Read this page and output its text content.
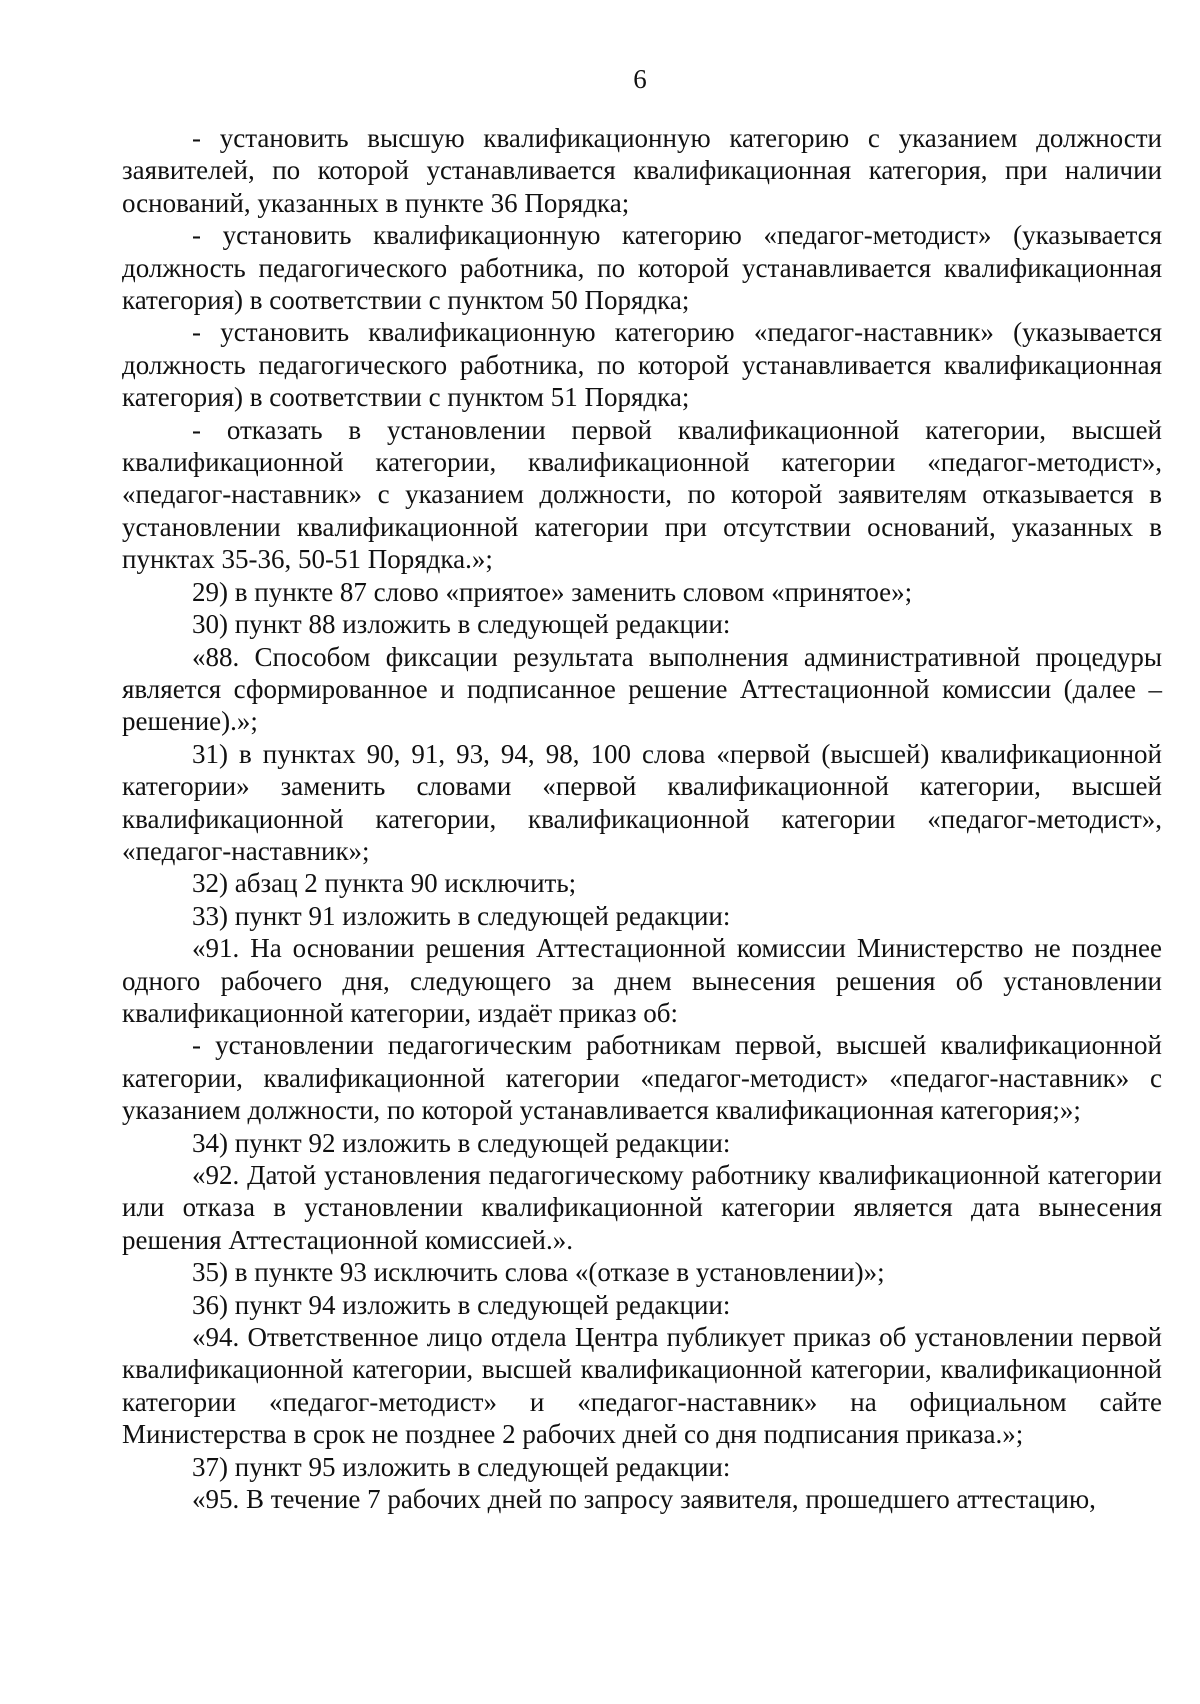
6

- установить высшую квалификационную категорию с указанием должности заявителей, по которой устанавливается квалификационная категория, при наличии оснований, указанных в пункте 36 Порядка;

- установить квалификационную категорию «педагог-методист» (указывается должность педагогического работника, по которой устанавливается квалификационная категория) в соответствии с пунктом 50 Порядка;

- установить квалификационную категорию «педагог-наставник» (указывается должность педагогического работника, по которой устанавливается квалификационная категория) в соответствии с пунктом 51 Порядка;

- отказать в установлении первой квалификационной категории, высшей квалификационной категории, квалификационной категории «педагог-методист», «педагог-наставник» с указанием должности, по которой заявителям отказывается в установлении квалификационной категории при отсутствии оснований, указанных в пунктах 35-36, 50-51 Порядка.»;

29) в пункте 87 слово «приятое» заменить словом «принятое»;

30) пункт 88 изложить в следующей редакции:

«88. Способом фиксации результата выполнения административной процедуры является сформированное и подписанное решение Аттестационной комиссии (далее – решение).»;

31) в пунктах 90, 91, 93, 94, 98, 100 слова «первой (высшей) квалификационной категории» заменить словами «первой квалификационной категории, высшей квалификационной категории, квалификационной категории «педагог-методист», «педагог-наставник»;

32) абзац 2 пункта 90 исключить;

33) пункт 91 изложить в следующей редакции:

«91. На основании решения Аттестационной комиссии Министерство не позднее одного рабочего дня, следующего за днем вынесения решения об установлении квалификационной категории, издаёт приказ об:

- установлении педагогическим работникам первой, высшей квалификационной категории, квалификационной категории «педагог-методист» «педагог-наставник» с указанием должности, по которой устанавливается квалификационная категория;»;

34) пункт 92 изложить в следующей редакции:

«92. Датой установления педагогическому работнику квалификационной категории или отказа в установлении квалификационной категории является дата вынесения решения Аттестационной комиссией.».

35) в пункте 93 исключить слова «(отказе в установлении)»;

36) пункт 94 изложить в следующей редакции:

«94. Ответственное лицо отдела Центра публикует приказ об установлении первой квалификационной категории, высшей квалификационной категории, квалификационной категории «педагог-методист» и «педагог-наставник» на официальном сайте Министерства в срок не позднее 2 рабочих дней со дня подписания приказа.»;

37) пункт 95 изложить в следующей редакции:

«95. В течение 7 рабочих дней по запросу заявителя, прошедшего аттестацию,
